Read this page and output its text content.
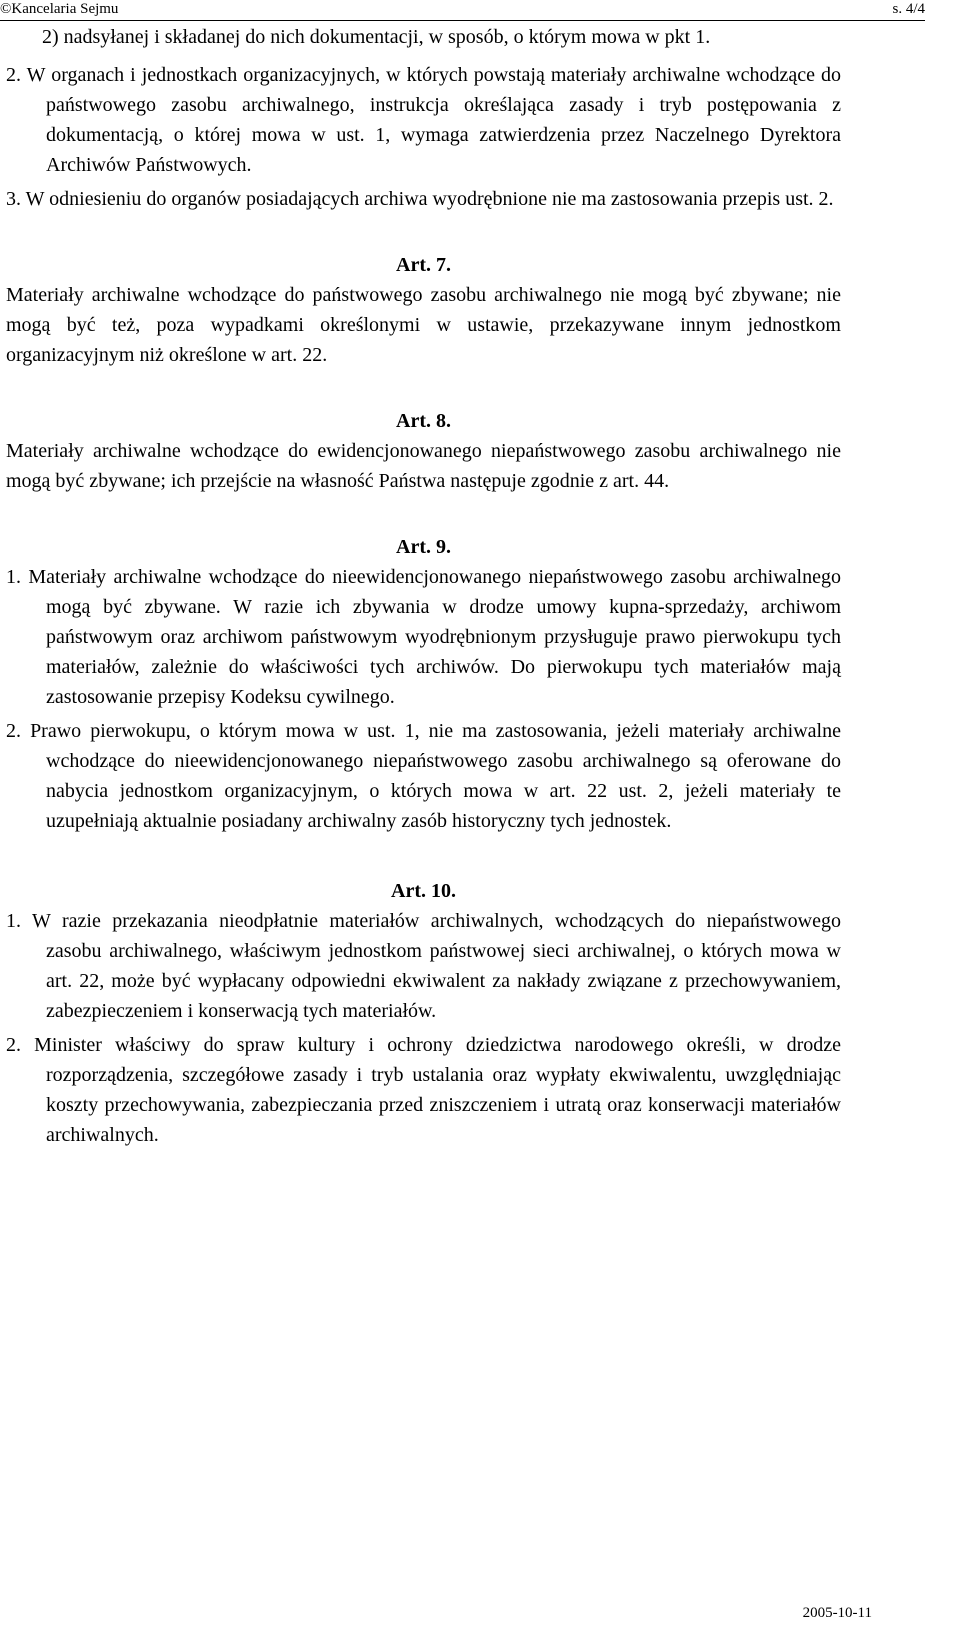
©Kancelaria Sejmu	s. 4/4
2) nadsyłanej i składanej do nich dokumentacji, w sposób, o którym mowa w pkt 1.
2. W organach i jednostkach organizacyjnych, w których powstają materiały archiwalne wchodzące do państwowego zasobu archiwalnego, instrukcja określająca zasady i tryb postępowania z dokumentacją, o której mowa w ust. 1, wymaga zatwierdzenia przez Naczelnego Dyrektora Archiwów Państwowych.
3. W odniesieniu do organów posiadających archiwa wyodrębnione nie ma zastosowania przepis ust. 2.
Art. 7.
Materiały archiwalne wchodzące do państwowego zasobu archiwalnego nie mogą być zbywane; nie mogą być też, poza wypadkami określonymi w ustawie, przekazywane innym jednostkom organizacyjnym niż określone w art. 22.
Art. 8.
Materiały archiwalne wchodzące do ewidencjonowanego niepaństwowego zasobu archiwalnego nie mogą być zbywane; ich przejście na własność Państwa następuje zgodnie z art. 44.
Art. 9.
1. Materiały archiwalne wchodzące do nieewidencjonowanego niepaństwowego zasobu archiwalnego mogą być zbywane. W razie ich zbywania w drodze umowy kupna-sprzedaży, archiwom państwowym oraz archiwom państwowym wyodrębnionym przysługuje prawo pierwokupu tych materiałów, zależnie do właściwości tych archiwów. Do pierwokupu tych materiałów mają zastosowanie przepisy Kodeksu cywilnego.
2. Prawo pierwokupu, o którym mowa w ust. 1, nie ma zastosowania, jeżeli materiały archiwalne wchodzące do nieewidencjonowanego niepaństwowego zasobu archiwalnego są oferowane do nabycia jednostkom organizacyjnym, o których mowa w art. 22 ust. 2, jeżeli materiały te uzupełniają aktualnie posiadany archiwalny zasób historyczny tych jednostek.
Art. 10.
1. W razie przekazania nieodpłatnie materiałów archiwalnych, wchodzących do niepaństwowego zasobu archiwalnego, właściwym jednostkom państwowej sieci archiwalnej, o których mowa w art. 22, może być wypłacany odpowiedni ekwiwalent za nakłady związane z przechowywaniem, zabezpieczeniem i konserwacją tych materiałów.
2. Minister właściwy do spraw kultury i ochrony dziedzictwa narodowego określi, w drodze rozporządzenia, szczegółowe zasady i tryb ustalania oraz wypłaty ekwiwalentu, uwzględniając koszty przechowywania, zabezpieczania przed zniszczeniem i utratą oraz konserwacji materiałów archiwalnych.
2005-10-11
